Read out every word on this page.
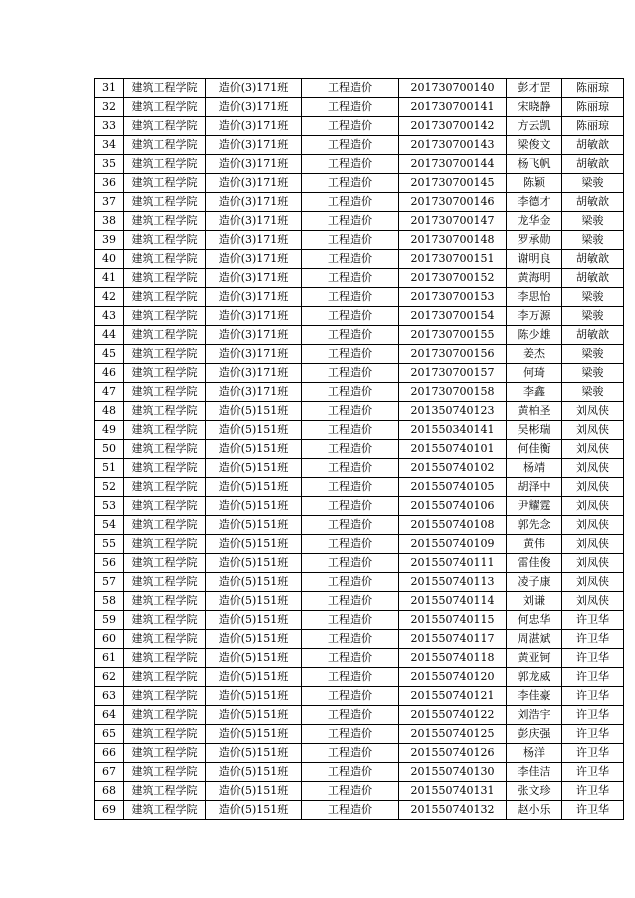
31	建筑工程学院	造价(3)171班	工程造价	201730700140	彭才罡	陈丽琼
32	建筑工程学院	造价(3)171班	工程造价	201730700141	宋晓静	陈丽琼
33	建筑工程学院	造价(3)171班	工程造价	201730700142	方云凯	陈丽琼
34	建筑工程学院	造价(3)171班	工程造价	201730700143	梁俊文	胡敏歆
35	建筑工程学院	造价(3)171班	工程造价	201730700144	杨飞帆	胡敏歆
36	建筑工程学院	造价(3)171班	工程造价	201730700145	陈颖	梁骏
37	建筑工程学院	造价(3)171班	工程造价	201730700146	李德才	胡敏歆
38	建筑工程学院	造价(3)171班	工程造价	201730700147	龙华金	梁骏
39	建筑工程学院	造价(3)171班	工程造价	201730700148	罗承勋	梁骏
40	建筑工程学院	造价(3)171班	工程造价	201730700151	谢明良	胡敏歆
41	建筑工程学院	造价(3)171班	工程造价	201730700152	黄海明	胡敏歆
42	建筑工程学院	造价(3)171班	工程造价	201730700153	李思怡	梁骏
43	建筑工程学院	造价(3)171班	工程造价	201730700154	李万源	梁骏
44	建筑工程学院	造价(3)171班	工程造价	201730700155	陈少雄	胡敏歆
45	建筑工程学院	造价(3)171班	工程造价	201730700156	姜杰	梁骏
46	建筑工程学院	造价(3)171班	工程造价	201730700157	何琦	梁骏
47	建筑工程学院	造价(3)171班	工程造价	201730700158	李鑫	梁骏
48	建筑工程学院	造价(5)151班	工程造价	201350740123	黄柏圣	刘凤侠
49	建筑工程学院	造价(5)151班	工程造价	201550340141	吴彬瑞	刘凤侠
50	建筑工程学院	造价(5)151班	工程造价	201550740101	何佳衡	刘凤侠
51	建筑工程学院	造价(5)151班	工程造价	201550740102	杨靖	刘凤侠
52	建筑工程学院	造价(5)151班	工程造价	201550740105	胡泽中	刘凤侠
53	建筑工程学院	造价(5)151班	工程造价	201550740106	尹耀霆	刘凤侠
54	建筑工程学院	造价(5)151班	工程造价	201550740108	郭先念	刘凤侠
55	建筑工程学院	造价(5)151班	工程造价	201550740109	黄伟	刘凤侠
56	建筑工程学院	造价(5)151班	工程造价	201550740111	雷佳俊	刘凤侠
57	建筑工程学院	造价(5)151班	工程造价	201550740113	凌子康	刘凤侠
58	建筑工程学院	造价(5)151班	工程造价	201550740114	刘谦	刘凤侠
59	建筑工程学院	造价(5)151班	工程造价	201550740115	何忠华	许卫华
60	建筑工程学院	造价(5)151班	工程造价	201550740117	周湛斌	许卫华
61	建筑工程学院	造价(5)151班	工程造价	201550740118	黄亚钶	许卫华
62	建筑工程学院	造价(5)151班	工程造价	201550740120	郭龙威	许卫华
63	建筑工程学院	造价(5)151班	工程造价	201550740121	李佳豪	许卫华
64	建筑工程学院	造价(5)151班	工程造价	201550740122	刘浩宇	许卫华
65	建筑工程学院	造价(5)151班	工程造价	201550740125	彭庆强	许卫华
66	建筑工程学院	造价(5)151班	工程造价	201550740126	杨洋	许卫华
67	建筑工程学院	造价(5)151班	工程造价	201550740130	李佳洁	许卫华
68	建筑工程学院	造价(5)151班	工程造价	201550740131	张文珍	许卫华
69	建筑工程学院	造价(5)151班	工程造价	201550740132	赵小乐	许卫华
